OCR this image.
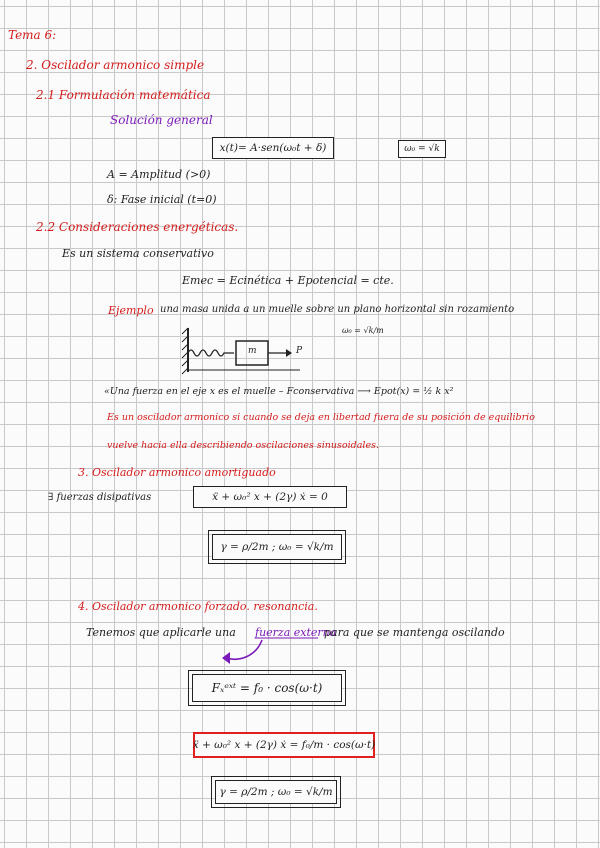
Tema 6:
2. Oscilador armonico simple
2.1 Formulación matemática
Solución general
x(t)= A·sen(ω₀t + δ)	ω₀ = √k
A = Amplitud (>0)
δ: Fase inicial (t=0)
2.2 Consideraciones energéticas.
Es un sistema conservativo
Emec = Ecinética + Epotencial = cte.
Ejemplo una masa unida a un muelle sobre un plano horizontal sin rozamiento
ω₀ = √k/m
m	P
«Una fuerza en el eje x es el muelle – Fconservativa ⟶ Epot(x) = ½ k x²
Es un oscilador armonico si cuando se deja en libertad fuera de su posición de equilibrio
vuelve hacia ella describiendo oscilaciones sinusoidales.
3. Oscilador armonico amortiguado
∃ fuerzas disipativas	ẍ + ω₀² x + (2γ) ẋ = 0
γ = ρ/2m ; ω₀ = √k/m
4. Oscilador armonico forzado. resonancia.
Tenemos que aplicarle una fuerza externa
para que se mantenga oscilando
Fₓᵉˣᵗ = f₀ · cos(ω·t)
ẍ + ω₀² x + (2γ) ẋ = f₀/m · cos(ω·t)
γ = ρ/2m ; ω₀ = √k/m
